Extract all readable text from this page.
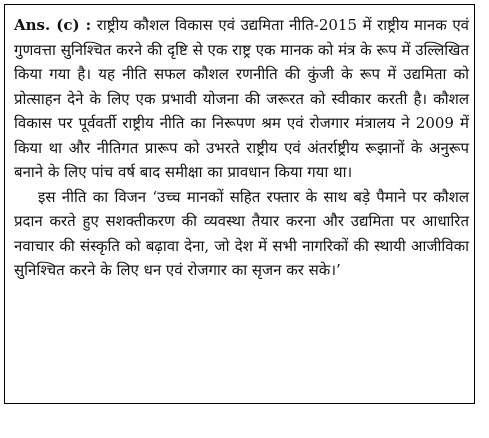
Ans. (c) : राष्ट्रीय कौशल विकास एवं उद्यमिता नीति-2015 में राष्ट्रीय मानक एवं गुणवत्ता सुनिश्चित करने की दृष्टि से एक राष्ट्र एक मानक को मंत्र के रूप में उल्लिखित किया गया है। यह नीति सफल कौशल रणनीति की कुंजी के रूप में उद्यमिता को प्रोत्साहन देने के लिए एक प्रभावी योजना की जरूरत को स्वीकार करती है। कौशल विकास पर पूर्ववर्ती राष्ट्रीय नीति का निरूपण श्रम एवं रोजगार मंत्रालय ने 2009 में किया था और नीतिगत प्रारूप को उभरते राष्ट्रीय एवं अंतर्राष्ट्रीय रूझानों के अनुरूप बनाने के लिए पांच वर्ष बाद समीक्षा का प्रावधान किया गया था।

इस नीति का विजन ‘उच्च मानकों सहित रफ्तार के साथ बड़े पैमाने पर कौशल प्रदान करते हुए सशक्तीकरण की व्यवस्था तैयार करना और उद्यमिता पर आधारित नवाचार की संस्कृति को बढ़ावा देना, जो देश में सभी नागरिकों की स्थायी आजीविका सुनिश्चित करने के लिए धन एवं रोजगार का सृजन कर सके।’
